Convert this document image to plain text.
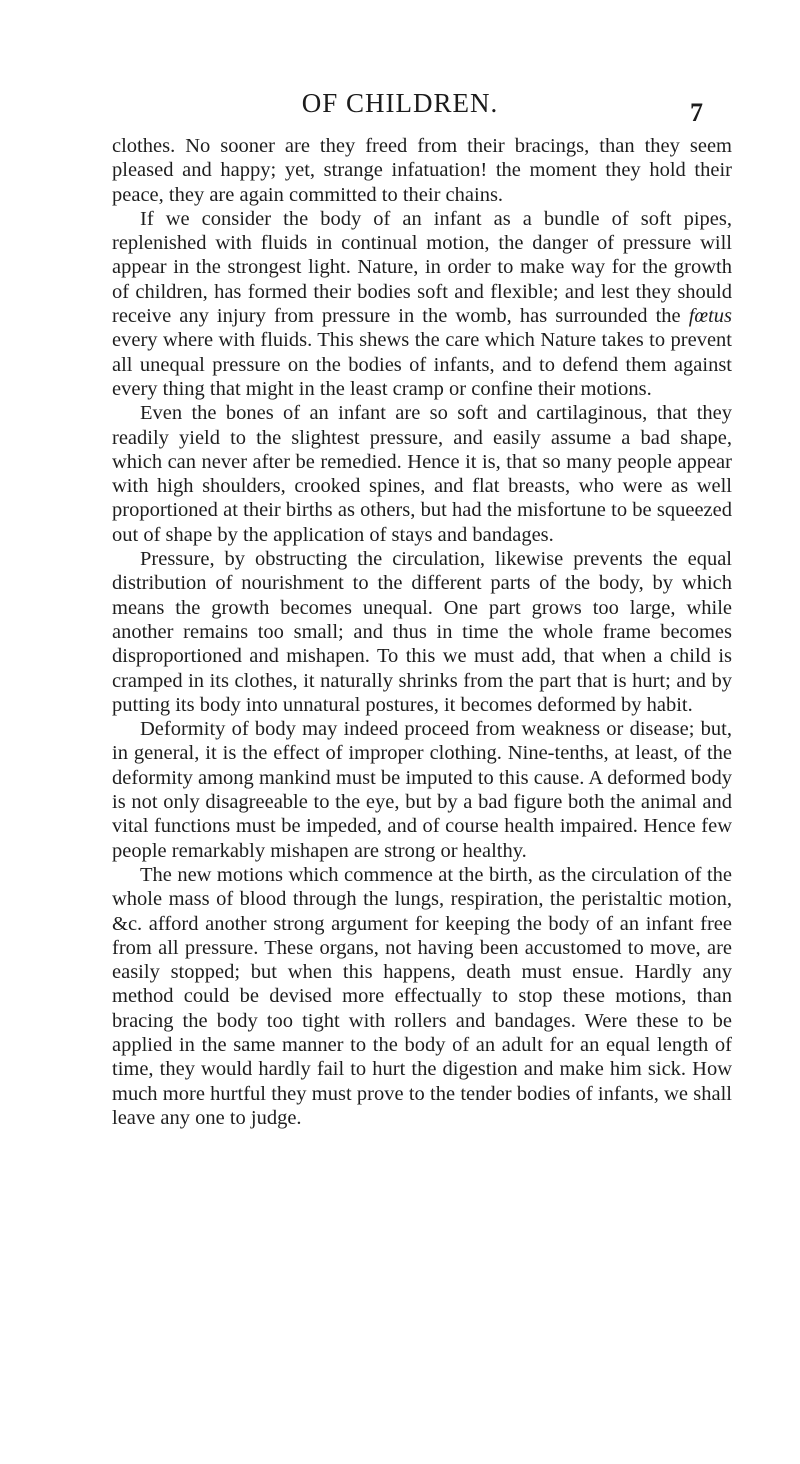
OF CHILDREN.	7

clothes. No sooner are they freed from their bracings, than they seem pleased and happy; yet, strange infatuation! the moment they hold their peace, they are again committed to their chains.

If we consider the body of an infant as a bundle of soft pipes, replenished with fluids in continual motion, the danger of pressure will appear in the strongest light. Nature, in order to make way for the growth of children, has formed their bodies soft and flexible; and lest they should receive any injury from pressure in the womb, has surrounded the fœtus every where with fluids. This shews the care which Nature takes to prevent all unequal pressure on the bodies of infants, and to defend them against every thing that might in the least cramp or confine their motions.

Even the bones of an infant are so soft and cartilaginous, that they readily yield to the slightest pressure, and easily assume a bad shape, which can never after be remedied. Hence it is, that so many people appear with high shoulders, crooked spines, and flat breasts, who were as well proportioned at their births as others, but had the misfortune to be squeezed out of shape by the application of stays and bandages.

Pressure, by obstructing the circulation, likewise prevents the equal distribution of nourishment to the different parts of the body, by which means the growth becomes unequal. One part grows too large, while another remains too small; and thus in time the whole frame becomes disproportioned and mishapen. To this we must add, that when a child is cramped in its clothes, it naturally shrinks from the part that is hurt; and by putting its body into unnatural postures, it becomes deformed by habit.

Deformity of body may indeed proceed from weakness or disease; but, in general, it is the effect of improper clothing. Nine-tenths, at least, of the deformity among mankind must be imputed to this cause. A deformed body is not only disagreeable to the eye, but by a bad figure both the animal and vital functions must be impeded, and of course health impaired. Hence few people remarkably mishapen are strong or healthy.

The new motions which commence at the birth, as the circulation of the whole mass of blood through the lungs, respiration, the peristaltic motion, &c. afford another strong argument for keeping the body of an infant free from all pressure. These organs, not having been accustomed to move, are easily stopped; but when this happens, death must ensue. Hardly any method could be devised more effectually to stop these motions, than bracing the body too tight with rollers and bandages. Were these to be applied in the same manner to the body of an adult for an equal length of time, they would hardly fail to hurt the digestion and make him sick. How much more hurtful they must prove to the tender bodies of infants, we shall leave any one to judge.
